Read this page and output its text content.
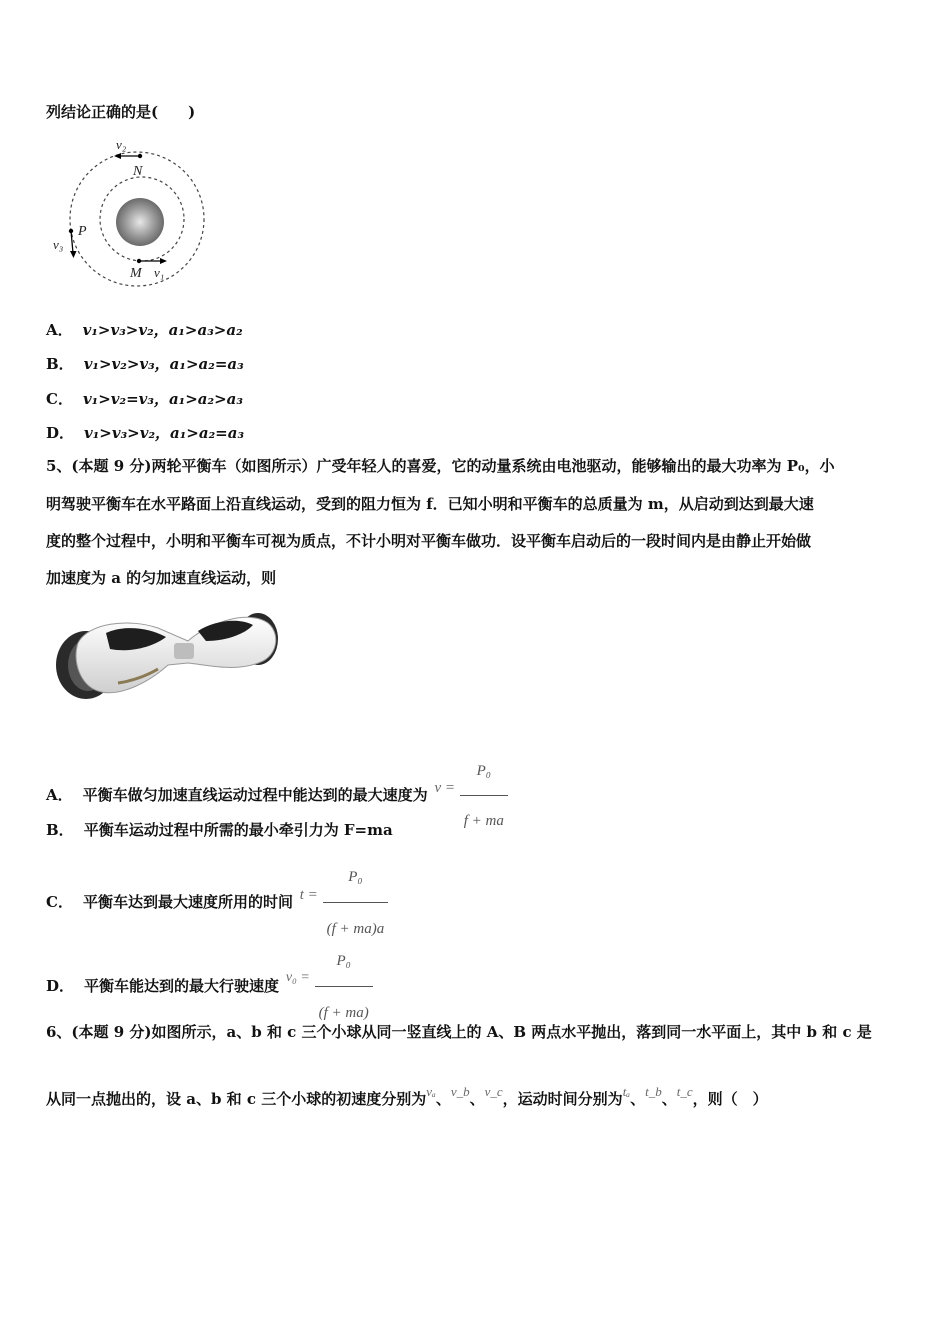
列结论正确的是(　　)
v₂
N
P
v₃
M v₁
A． v₁>v₃>v₂，a₁>a₃>a₂
B． v₁>v₂>v₃，a₁>a₂=a₃
C． v₁>v₂=v₃，a₁>a₂>a₃
D． v₁>v₃>v₂，a₁>a₂=a₃
5、(本题 9 分)两轮平衡车（如图所示）广受年轻人的喜爱，它的动量系统由电池驱动，能够输出的最大功率为 P₀，小
明驾驶平衡车在水平路面上沿直线运动，受到的阻力恒为 f．已知小明和平衡车的总质量为 m，从启动到达到最大速
度的整个过程中，小明和平衡车可视为质点，不计小明对平衡车做功．设平衡车启动后的一段时间内是由静止开始做
加速度为 a 的匀加速直线运动，则
A． 平衡车做匀加速直线运动过程中能达到的最大速度为 $v = \frac{\text{P₀}}{f + ma}$
B． 平衡车运动过程中所需的最小牵引力为 F=ma
C． 平衡车达到最大速度所用的时间 $t = \frac{\text{P₀}}{(f + ma)a}$
D． 平衡车能达到的最大行驶速度 $v_0 = \frac{\text{P₀}}{(f + ma)}$
6、(本题 9 分)如图所示，a、b 和 c 三个小球从同一竖直线上的 A、B 两点水平抛出，落到同一水平面上，其中 b 和 c 是
从同一点抛出的，设 a、b 和 c 三个小球的初速度分别为vₐ、v_b、v_c，运动时间分别为tₐ、t_b、t_c，则（　）
